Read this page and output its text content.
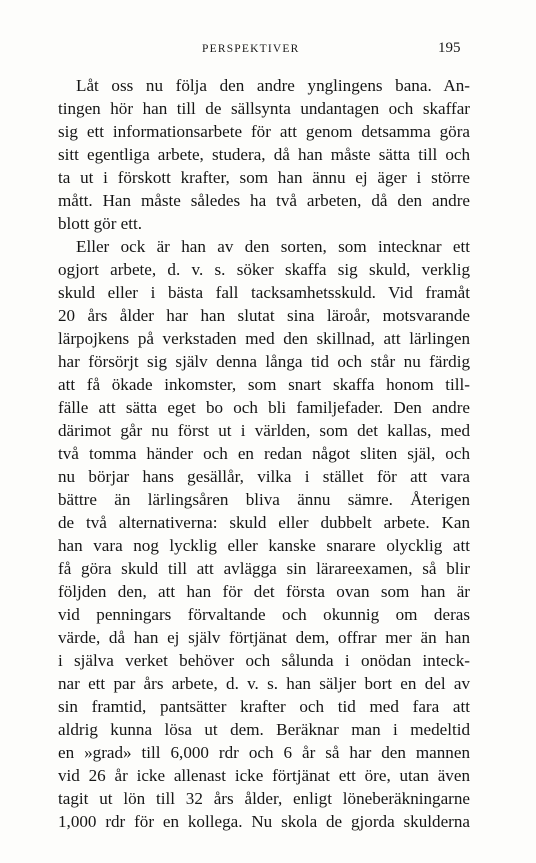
PERSPEKTIVER	195
Låt oss nu följa den andre ynglingens bana. An-
tingen hör han till de sällsynta undantagen och skaffar
sig ett informationsarbete för att genom detsamma göra
sitt egentliga arbete, studera, då han måste sätta till och
ta ut i förskott krafter, som han ännu ej äger i större
mått. Han måste således ha två arbeten, då den andre
blott gör ett.
Eller ock är han av den sorten, som intecknar ett
ogjort arbete, d. v. s. söker skaffa sig skuld, verklig
skuld eller i bästa fall tacksamhetsskuld. Vid framåt
20 års ålder har han slutat sina läroår, motsvarande
lärpojkens på verkstaden med den skillnad, att lärlingen
har försörjt sig själv denna långa tid och står nu färdig
att få ökade inkomster, som snart skaffa honom till-
fälle att sätta eget bo och bli familjefader. Den andre
därimot går nu först ut i världen, som det kallas, med
två tomma händer och en redan något sliten själ, och
nu börjar hans gesällår, vilka i stället för att vara
bättre än lärlingsåren bliva ännu sämre. Återigen
de två alternativerna: skuld eller dubbelt arbete. Kan
han vara nog lycklig eller kanske snarare olycklig att
få göra skuld till att avlägga sin lärareexamen, så blir
följden den, att han för det första ovan som han är
vid penningars förvaltande och okunnig om deras
värde, då han ej själv förtjänat dem, offrar mer än han
i själva verket behöver och sålunda i onödan inteck-
nar ett par års arbete, d. v. s. han säljer bort en del av
sin framtid, pantsätter krafter och tid med fara att
aldrig kunna lösa ut dem. Beräknar man i medeltid
en »grad» till 6,000 rdr och 6 år så har den mannen
vid 26 år icke allenast icke förtjänat ett öre, utan även
tagit ut lön till 32 års ålder, enligt löneberäkningarne
1,000 rdr för en kollega. Nu skola de gjorda skulderna
